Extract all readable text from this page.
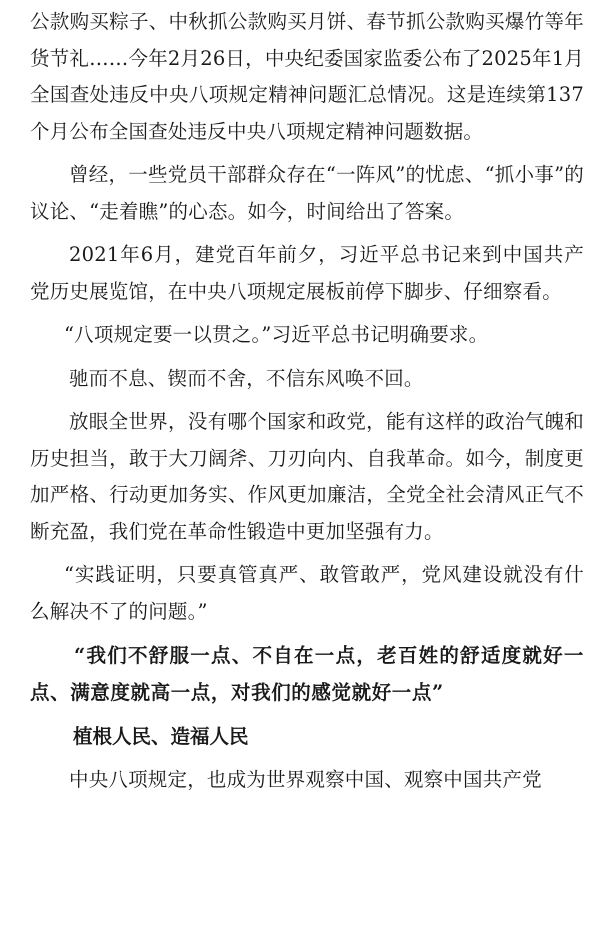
公款购买粽子、中秋抓公款购买月饼、春节抓公款购买爆竹等年货节礼……今年2月26日，中央纪委国家监委公布了2025年1月全国查处违反中央八项规定精神问题汇总情况。这是连续第137个月公布全国查处违反中央八项规定精神问题数据。

曾经，一些党员干部群众存在“一阵风”的忧虑、“抓小事”的议论、“走着瞧”的心态。如今，时间给出了答案。

2021年6月，建党百年前夕，习近平总书记来到中国共产党历史展览馆，在中央八项规定展板前停下脚步、仔细察看。

“八项规定要一以贯之。”习近平总书记明确要求。

驰而不息、锲而不舍，不信东风唤不回。

放眼全世界，没有哪个国家和政党，能有这样的政治气魄和历史担当，敢于大刀阔斧、刀刃向内、自我革命。如今，制度更加严格、行动更加务实、作风更加廉洁，全党全社会清风正气不断充盈，我们党在革命性锻造中更加坚强有力。

“实践证明，只要真管真严、敢管敢严，党风建设就没有什么解决不了的问题。”

“我们不舒服一点、不自在一点，老百姓的舒适度就好一点、满意度就高一点，对我们的感觉就好一点”

植根人民、造福人民

中央八项规定，也成为世界观察中国、观察中国共产党
